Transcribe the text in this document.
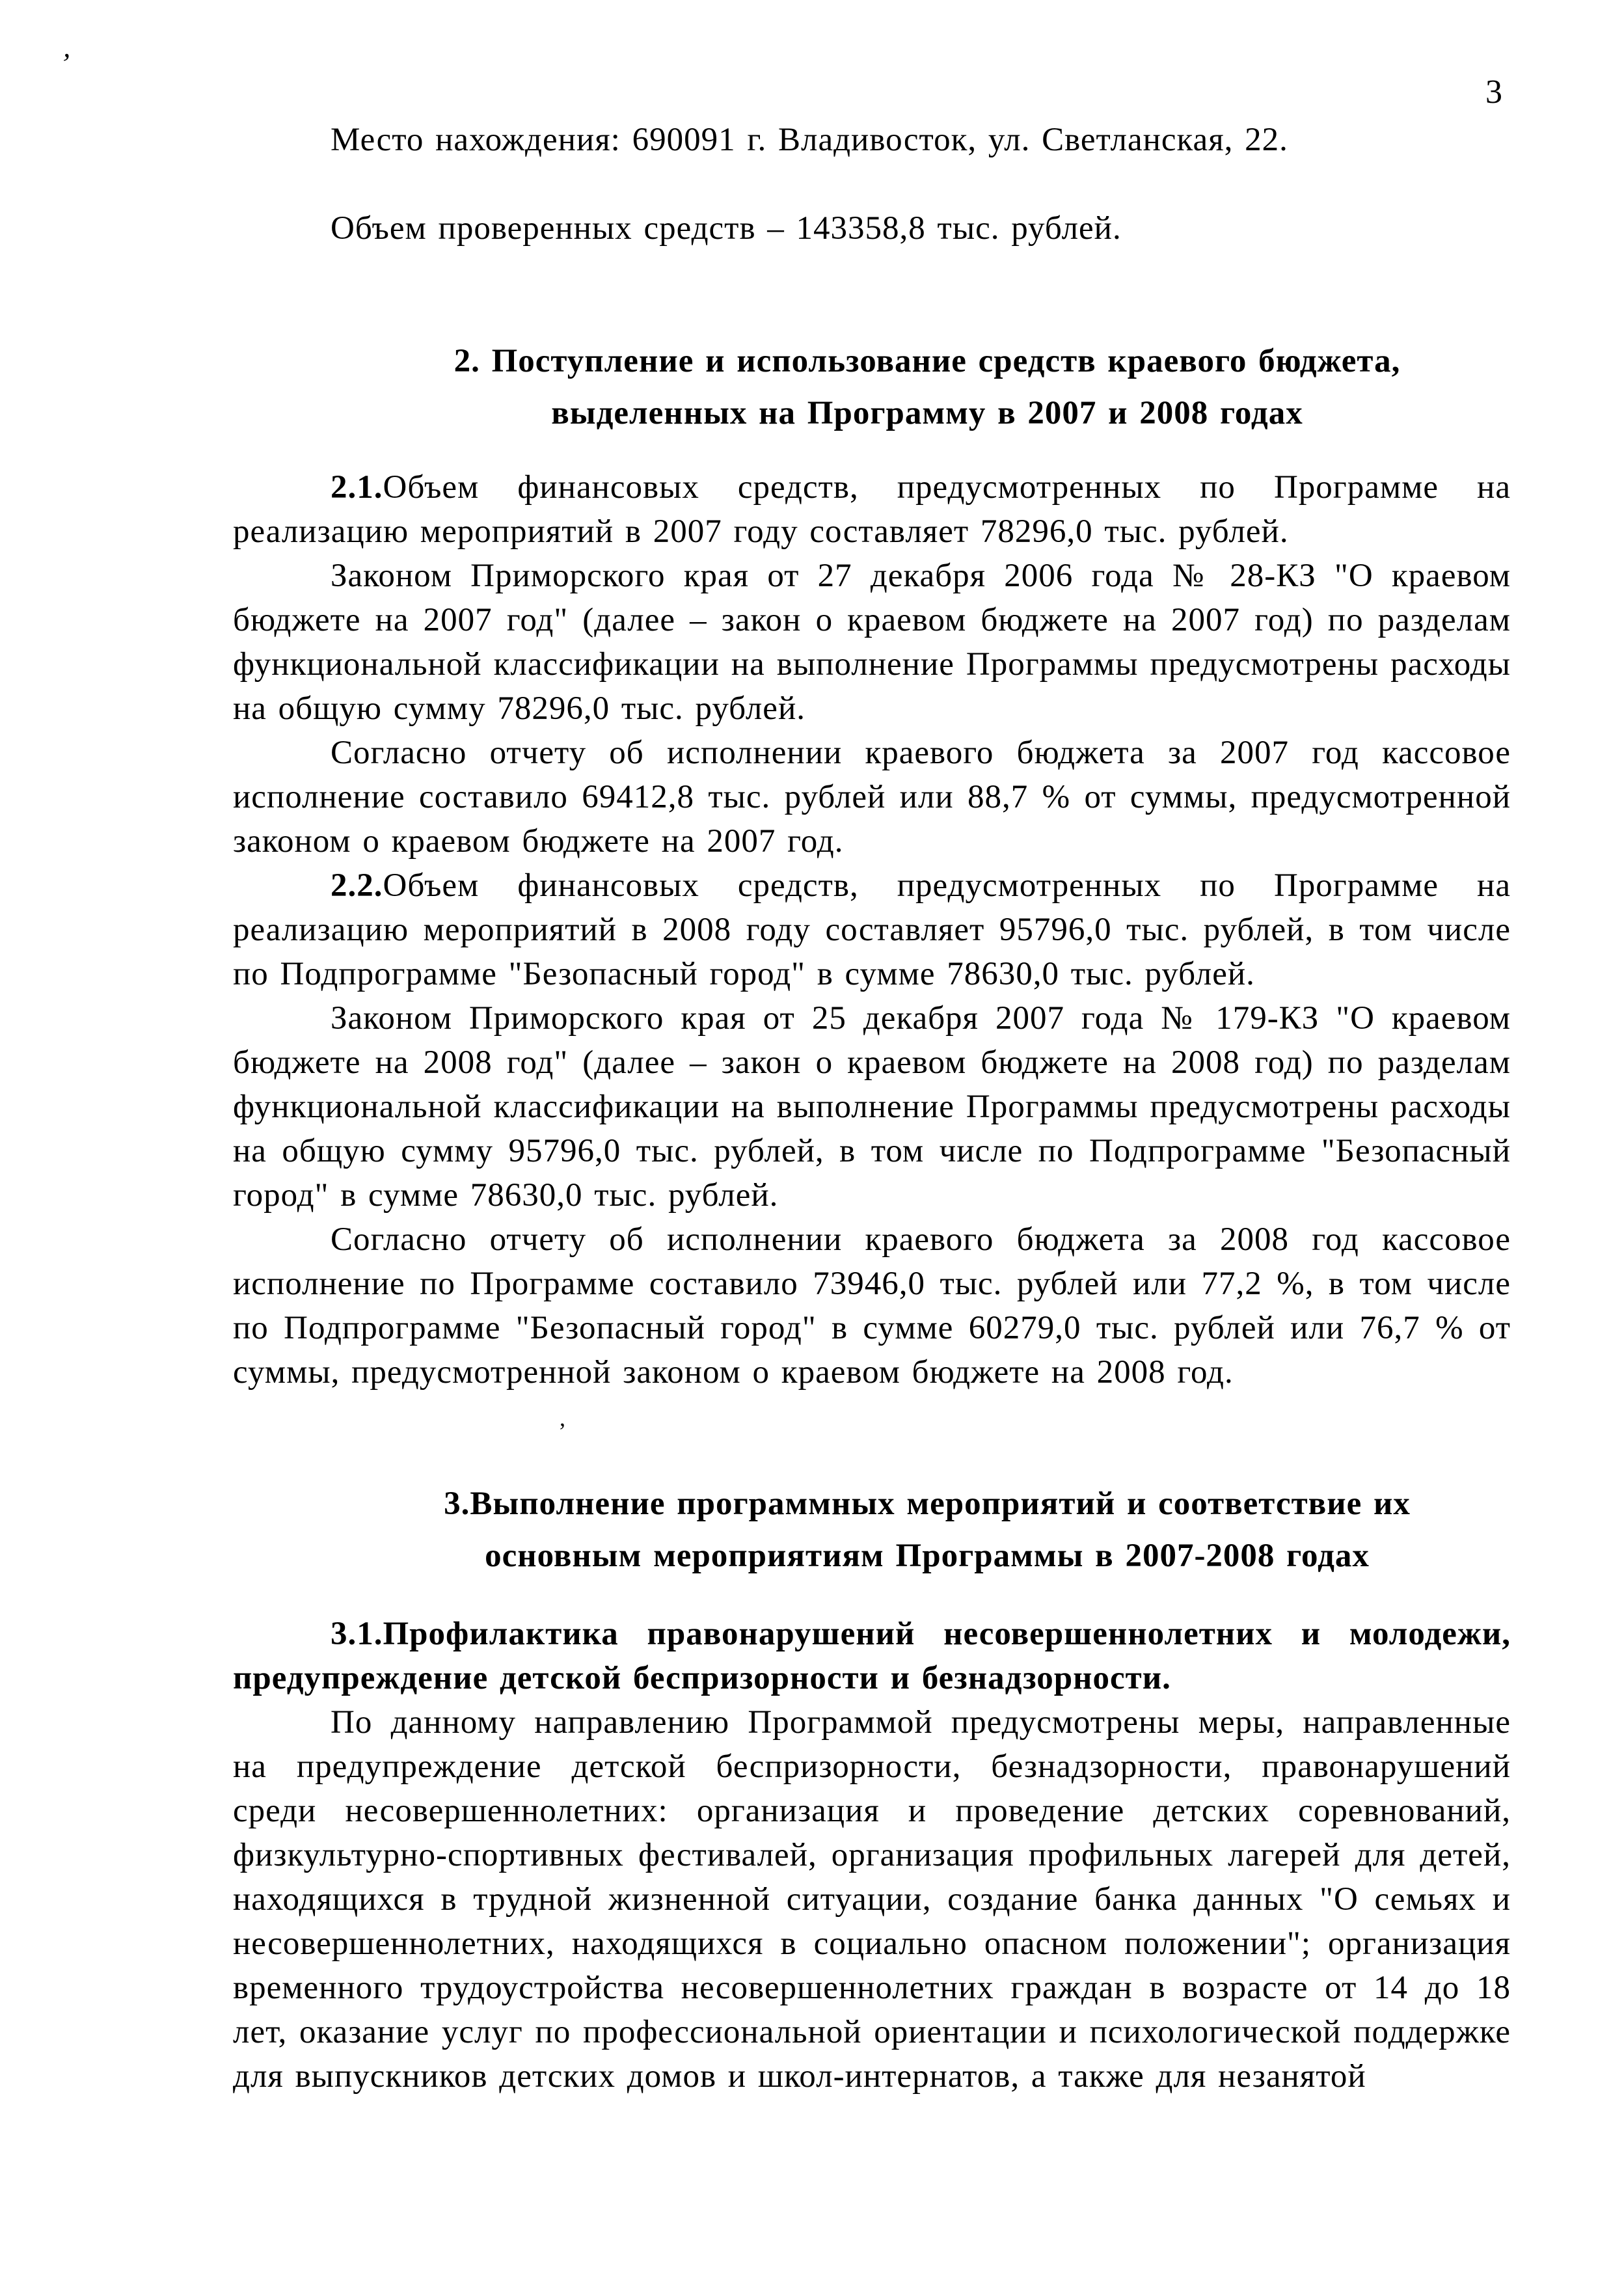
’
3

Место нахождения: 690091 г. Владивосток, ул. Светланская, 22.

Объем проверенных средств – 143358,8 тыс. рублей.

2. Поступление и использование средств краевого бюджета,
выделенных на Программу в 2007 и 2008 годах

2.1.Объем финансовых средств, предусмотренных по Программе на реализацию мероприятий в 2007 году составляет 78296,0 тыс. рублей.

Законом Приморского края от 27 декабря 2006 года № 28-КЗ "О краевом бюджете на 2007 год" (далее – закон о краевом бюджете на 2007 год) по разделам функциональной классификации на выполнение Программы предусмотрены расходы на общую сумму 78296,0 тыс. рублей.

Согласно отчету об исполнении краевого бюджета за 2007 год кассовое исполнение составило 69412,8 тыс. рублей или 88,7 % от суммы, предусмотренной законом о краевом бюджете на 2007 год.

2.2.Объем финансовых средств, предусмотренных по Программе на реализацию мероприятий в 2008 году составляет 95796,0 тыс. рублей, в том числе по Подпрограмме "Безопасный город" в сумме 78630,0 тыс. рублей.

Законом Приморского края от 25 декабря 2007 года № 179-КЗ "О краевом бюджете на 2008 год" (далее – закон о краевом бюджете на 2008 год) по разделам функциональной классификации на выполнение Программы предусмотрены расходы на общую сумму 95796,0 тыс. рублей, в том числе по Подпрограмме "Безопасный город" в сумме 78630,0 тыс. рублей.

Согласно отчету об исполнении краевого бюджета за 2008 год кассовое исполнение по Программе составило 73946,0 тыс. рублей или 77,2 %, в том числе по Подпрограмме "Безопасный город" в сумме 60279,0 тыс. рублей или 76,7 % от суммы, предусмотренной законом о краевом бюджете на 2008 год.

3.Выполнение программных мероприятий и соответствие их
основным мероприятиям Программы в 2007-2008 годах

3.1.Профилактика правонарушений несовершеннолетних и молодежи, предупреждение детской беспризорности и безнадзорности.

По данному направлению Программой предусмотрены меры, направленные на предупреждение детской беспризорности, безнадзорности, правонарушений среди несовершеннолетних: организация и проведение детских соревнований, физкультурно-спортивных фестивалей, организация профильных лагерей для детей, находящихся в трудной жизненной ситуации, создание банка данных "О семьях и несовершеннолетних, находящихся в социально опасном положении"; организация временного трудоустройства несовершеннолетних граждан в возрасте от 14 до 18 лет, оказание услуг по профессиональной ориентации и психологической поддержке для выпускников детских домов и школ-интернатов, а также для незанятой

,
